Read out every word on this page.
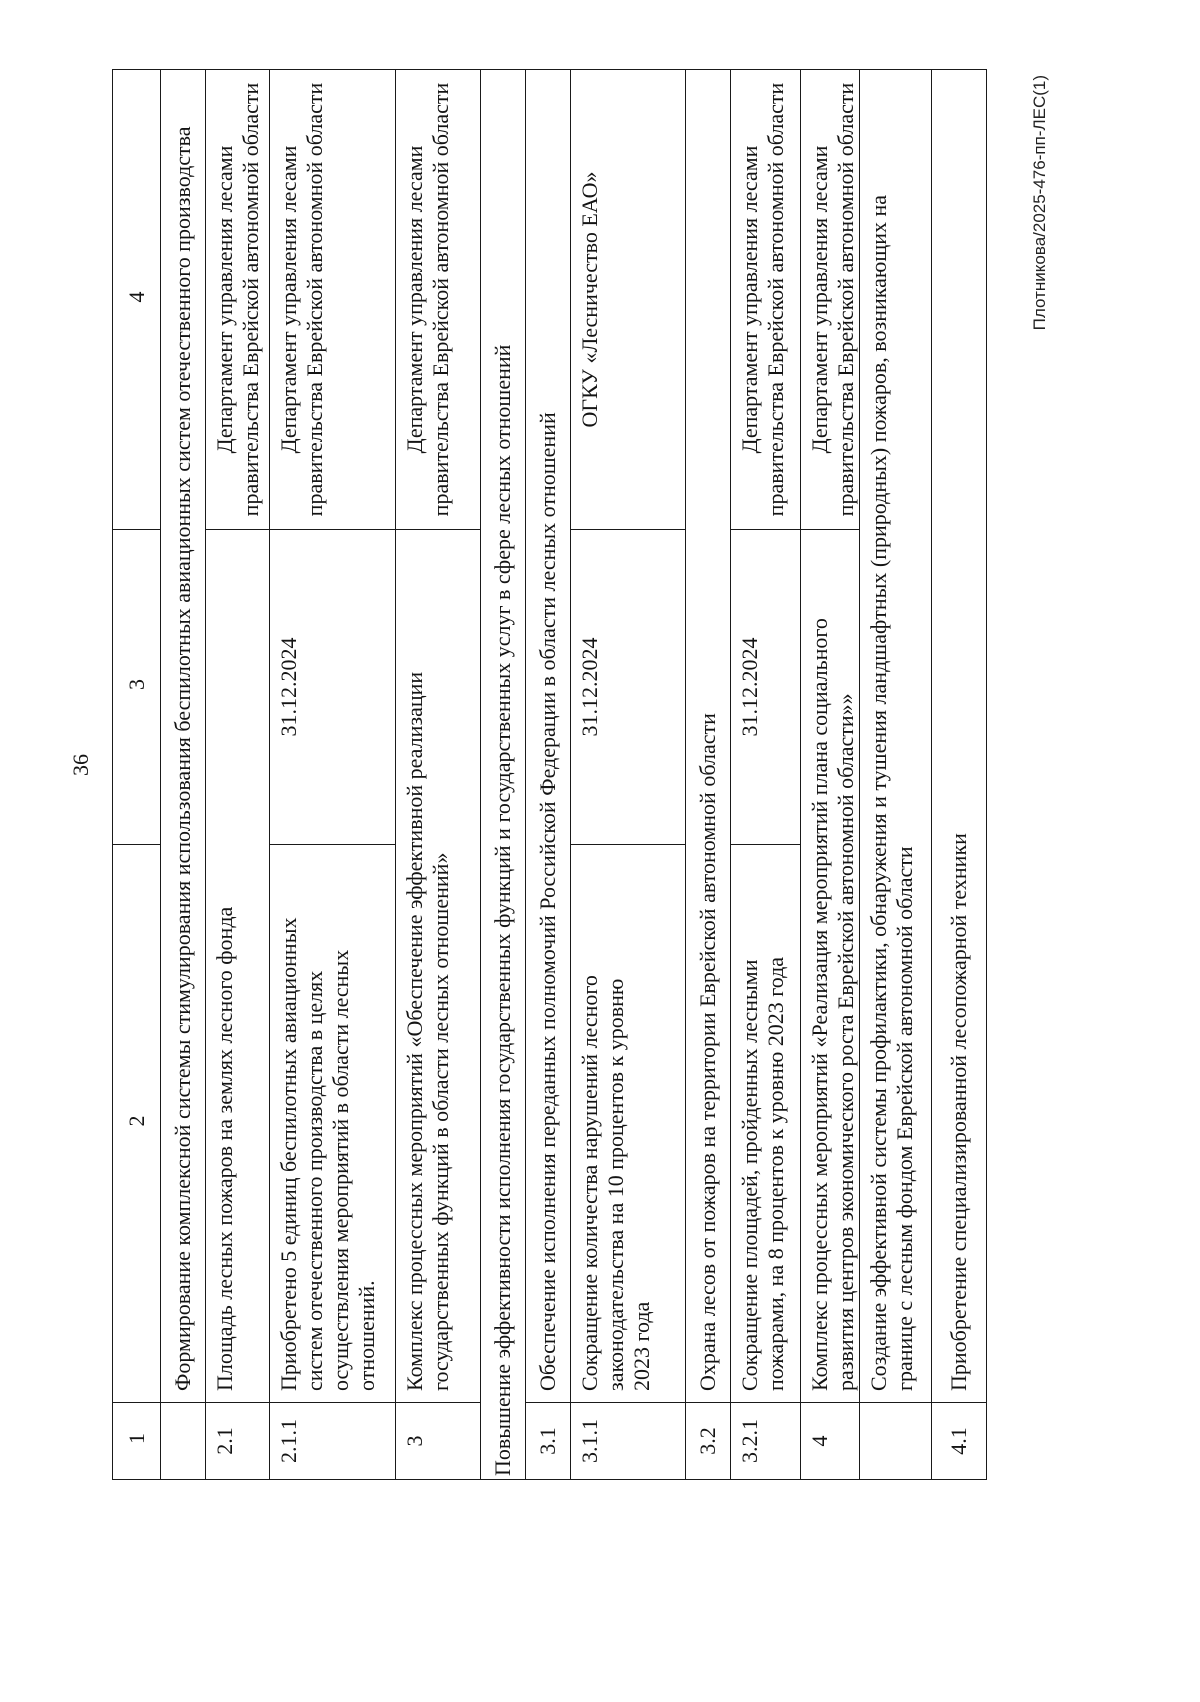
36
1	2	3	4

	Формирование комплексной системы стимулирования использования беспилотных авиационных систем отечественного производства		

2.1	Площадь лесных пожаров на землях лесного фонда		Департамент управления лесами правительства Еврейской автономной области

2.1.1	Приобретено 5 единиц беспилотных авиационных систем отечественного производства в целях осуществления мероприятий в области лесных отношений.	31.12.2024	Департамент управления лесами правительства Еврейской автономной области

3	Комплекс процессных мероприятий «Обеспечение эффективной реализации государственных функций в области лесных отношений»		Департамент управления лесами правительства Еврейской автономной области

Повышение эффективности исполнения государственных функций и государственных услуг в сфере лесных отношений			

3.1	Обеспечение исполнения переданных полномочий Российской Федерации в области лесных отношений		

3.1.1	Сокращение количества нарушений лесного законодательства на 10 процентов к уровню 2023 года	31.12.2024	ОГКУ «Лесничество ЕАО»

3.2	Охрана лесов от пожаров на территории Еврейской автономной области		

3.2.1	Сокращение площадей, пройденных лесными пожарами, на 8 процентов к уровню 2023 года	31.12.2024	Департамент управления лесами правительства Еврейской автономной области

4	Комплекс процессных мероприятий «Реализация мероприятий плана социального развития центров экономического роста Еврейской автономной области»»		Департамент управления лесами правительства Еврейской автономной области

	Создание эффективной системы профилактики, обнаружения и тушения ландшафтных (природных) пожаров, возникающих на границе с лесным фондом Еврейской автономной области		

4.1	Приобретение специализированной лесопожарной техники		
Плотникова/2025-476-пп-ЛЕС(1)
